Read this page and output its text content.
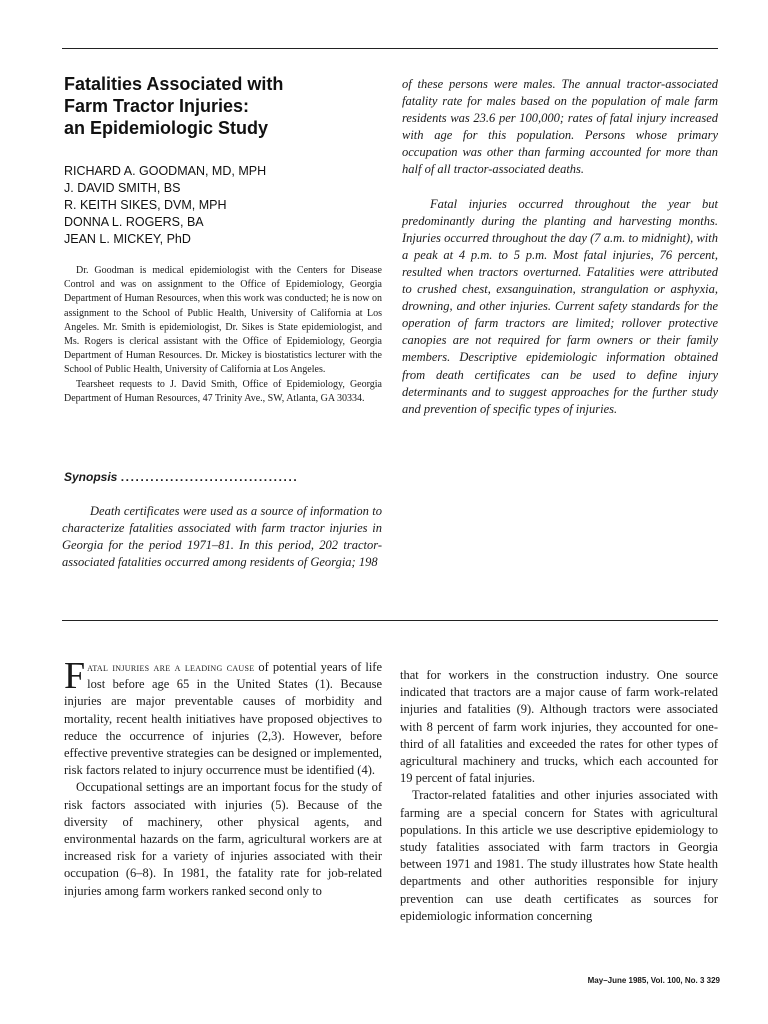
Fatalities Associated with
Farm Tractor Injuries:
an Epidemiologic Study
RICHARD A. GOODMAN, MD, MPH
J. DAVID SMITH, BS
R. KEITH SIKES, DVM, MPH
DONNA L. ROGERS, BA
JEAN L. MICKEY, PhD

Dr. Goodman is medical epidemiologist with the Centers for Disease Control and was on assignment to the Office of Epidemiology, Georgia Department of Human Resources, when this work was conducted; he is now on assignment to the School of Public Health, University of California at Los Angeles. Mr. Smith is epidemiologist, Dr. Sikes is State epidemiologist, and Ms. Rogers is clerical assistant with the Office of Epidemiology, Georgia Department of Human Resources. Dr. Mickey is biostatistics lecturer with the School of Public Health, University of California at Los Angeles.

Tearsheet requests to J. David Smith, Office of Epidemiology, Georgia Department of Human Resources, 47 Trinity Ave., SW, Atlanta, GA 30334.

Synopsis ....................................

Death certificates were used as a source of information to characterize fatalities associated with farm tractor injuries in Georgia for the period 1971–81. In this period, 202 tractor-associated fatalities occurred among residents of Georgia; 198

of these persons were males. The annual tractor-associated fatality rate for males based on the population of male farm residents was 23.6 per 100,000; rates of fatal injury increased with age for this population. Persons whose primary occupation was other than farming accounted for more than half of all tractor-associated deaths.

Fatal injuries occurred throughout the year but predominantly during the planting and harvesting months. Injuries occurred throughout the day (7 a.m. to midnight), with a peak at 4 p.m. to 5 p.m. Most fatal injuries, 76 percent, resulted when tractors overturned. Fatalities were attributed to crushed chest, exsanguination, strangulation or asphyxia, drowning, and other injuries. Current safety standards for the operation of farm tractors are limited; rollover protective canopies are not required for farm owners or their family members. Descriptive epidemiologic information obtained from death certificates can be used to define injury determinants and to suggest approaches for the further study and prevention of specific types of injuries.

Fatal injuries are a leading cause of potential years of life lost before age 65 in the United States (1). Because injuries are major preventable causes of morbidity and mortality, recent health initiatives have proposed objectives to reduce the occurrence of injuries (2,3). However, before effective preventive strategies can be designed or implemented, risk factors related to injury occurrence must be identified (4).

Occupational settings are an important focus for the study of risk factors associated with injuries (5). Because of the diversity of machinery, other physical agents, and environmental hazards on the farm, agricultural workers are at increased risk for a variety of injuries associated with their occupation (6–8). In 1981, the fatality rate for job-related injuries among farm workers ranked second only to

that for workers in the construction industry. One source indicated that tractors are a major cause of farm work-related injuries and fatalities (9). Although tractors were associated with 8 percent of farm work injuries, they accounted for one-third of all fatalities and exceeded the rates for other types of agricultural machinery and trucks, which each accounted for 19 percent of fatal injuries.

Tractor-related fatalities and other injuries associated with farming are a special concern for States with agricultural populations. In this article we use descriptive epidemiology to study fatalities associated with farm tractors in Georgia between 1971 and 1981. The study illustrates how State health departments and other authorities responsible for injury prevention can use death certificates as sources for epidemiologic information concerning

May–June 1985, Vol. 100, No. 3 329
